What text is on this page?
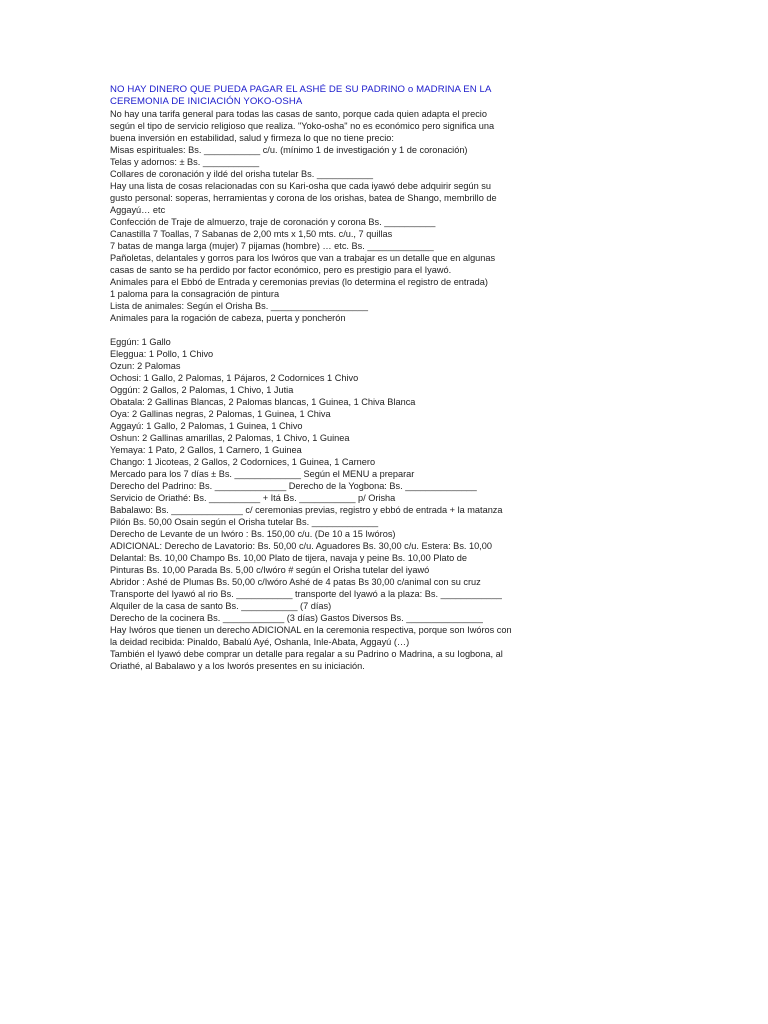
NO HAY DINERO QUE PUEDA PAGAR EL ASHÉ DE SU PADRINO o MADRINA EN LA
CEREMONIA DE INICIACIÓN YOKO-OSHA
No hay una tarifa general para todas las casas de santo, porque cada quien adapta el precio
según el tipo de servicio religioso que realiza. "Yoko-osha" no es económico pero significa una
buena inversión en estabilidad, salud y firmeza lo que no tiene precio:
Misas espirituales: Bs. ___________ c/u. (mínimo 1 de investigación y 1 de coronación)
Telas y adornos: ± Bs. ___________
Collares de coronación y ildé del orisha tutelar Bs. ___________
Hay una lista de cosas relacionadas con su Kari-osha que cada iyawó debe adquirir según su
gusto personal: soperas, herramientas y corona de los orishas, batea de Shango, membrillo de
Aggayú… etc
Confección de Traje de almuerzo, traje de coronación y corona Bs. __________
Canastilla 7 Toallas, 7 Sabanas de 2,00 mts x 1,50 mts. c/u., 7 quillas
7 batas de manga larga (mujer) 7 pijamas (hombre) … etc. Bs. _____________
Pañoletas, delantales y gorros para los Iwóros que van a trabajar es un detalle que en algunas
casas de santo se ha perdido por factor económico, pero es prestigio para el Iyawó.
Animales para el Ebbó de Entrada y ceremonias previas (lo determina el registro de entrada)
1 paloma para la consagración de pintura
Lista de animales: Según el Orisha Bs. ___________________
Animales para la rogación de cabeza, puerta y poncherón
Eggún: 1 Gallo
Eleggua: 1 Pollo, 1 Chivo
Ozun: 2 Palomas
Ochosi: 1 Gallo, 2 Palomas, 1 Pájaros, 2 Codornices 1 Chivo
Oggún: 2 Gallos, 2 Palomas, 1 Chivo, 1 Jutia
Obatala: 2 Gallinas Blancas, 2 Palomas blancas, 1 Guinea, 1 Chiva Blanca
Oya: 2 Gallinas negras, 2 Palomas, 1 Guinea, 1 Chiva
Aggayú: 1 Gallo, 2 Palomas, 1 Guinea, 1 Chivo
Oshun: 2 Gallinas amarillas, 2 Palomas, 1 Chivo, 1 Guinea
Yemaya: 1 Pato, 2 Gallos, 1 Carnero, 1 Guinea
Chango: 1 Jicoteas, 2 Gallos, 2 Codornices, 1 Guinea, 1 Carnero
Mercado para los 7 días ± Bs. _____________ Según el MENU a preparar
Derecho del Padrino: Bs. ______________ Derecho de la Yogbona: Bs. ______________
Servicio de Oriathé: Bs. __________ + Itá Bs. ___________ p/ Orisha
Babalawo: Bs. ______________ c/ ceremonias previas, registro y ebbó de entrada + la matanza
Pilón Bs. 50,00 Osain según el Orisha tutelar Bs. _____________
Derecho de Levante de un Iwóro : Bs. 150,00 c/u. (De 10 a 15 Iwóros)
ADICIONAL: Derecho de Lavatorio: Bs. 50,00 c/u. Aguadores Bs. 30,00 c/u. Estera: Bs. 10,00
Delantal: Bs. 10,00 Champo Bs. 10,00 Plato de tijera, navaja y peine Bs. 10,00 Plato de
Pinturas Bs. 10,00 Parada Bs. 5,00 c/Iwóro # según el Orisha tutelar del iyawó
Abridor : Ashé de Plumas Bs. 50,00 c/Iwóro Ashé de 4 patas Bs 30,00 c/animal con su cruz
Transporte del Iyawó al rio Bs. ___________ transporte del Iyawó a la plaza: Bs. ____________
Alquiler de la casa de santo Bs. ___________ (7 días)
Derecho de la cocinera Bs. ____________ (3 días) Gastos Diversos Bs. _______________
Hay Iwóros que tienen un derecho ADICIONAL en la ceremonia respectiva, porque son Iwóros con
la deidad recibida: Pinaldo, Babalú Ayé, Oshanla, Inle-Abata, Aggayú (…)
También el Iyawó debe comprar un detalle para regalar a su Padrino o Madrina, a su Iogbona, al
Oriathé, al Babalawo y a los Iworós presentes en su iniciación.
